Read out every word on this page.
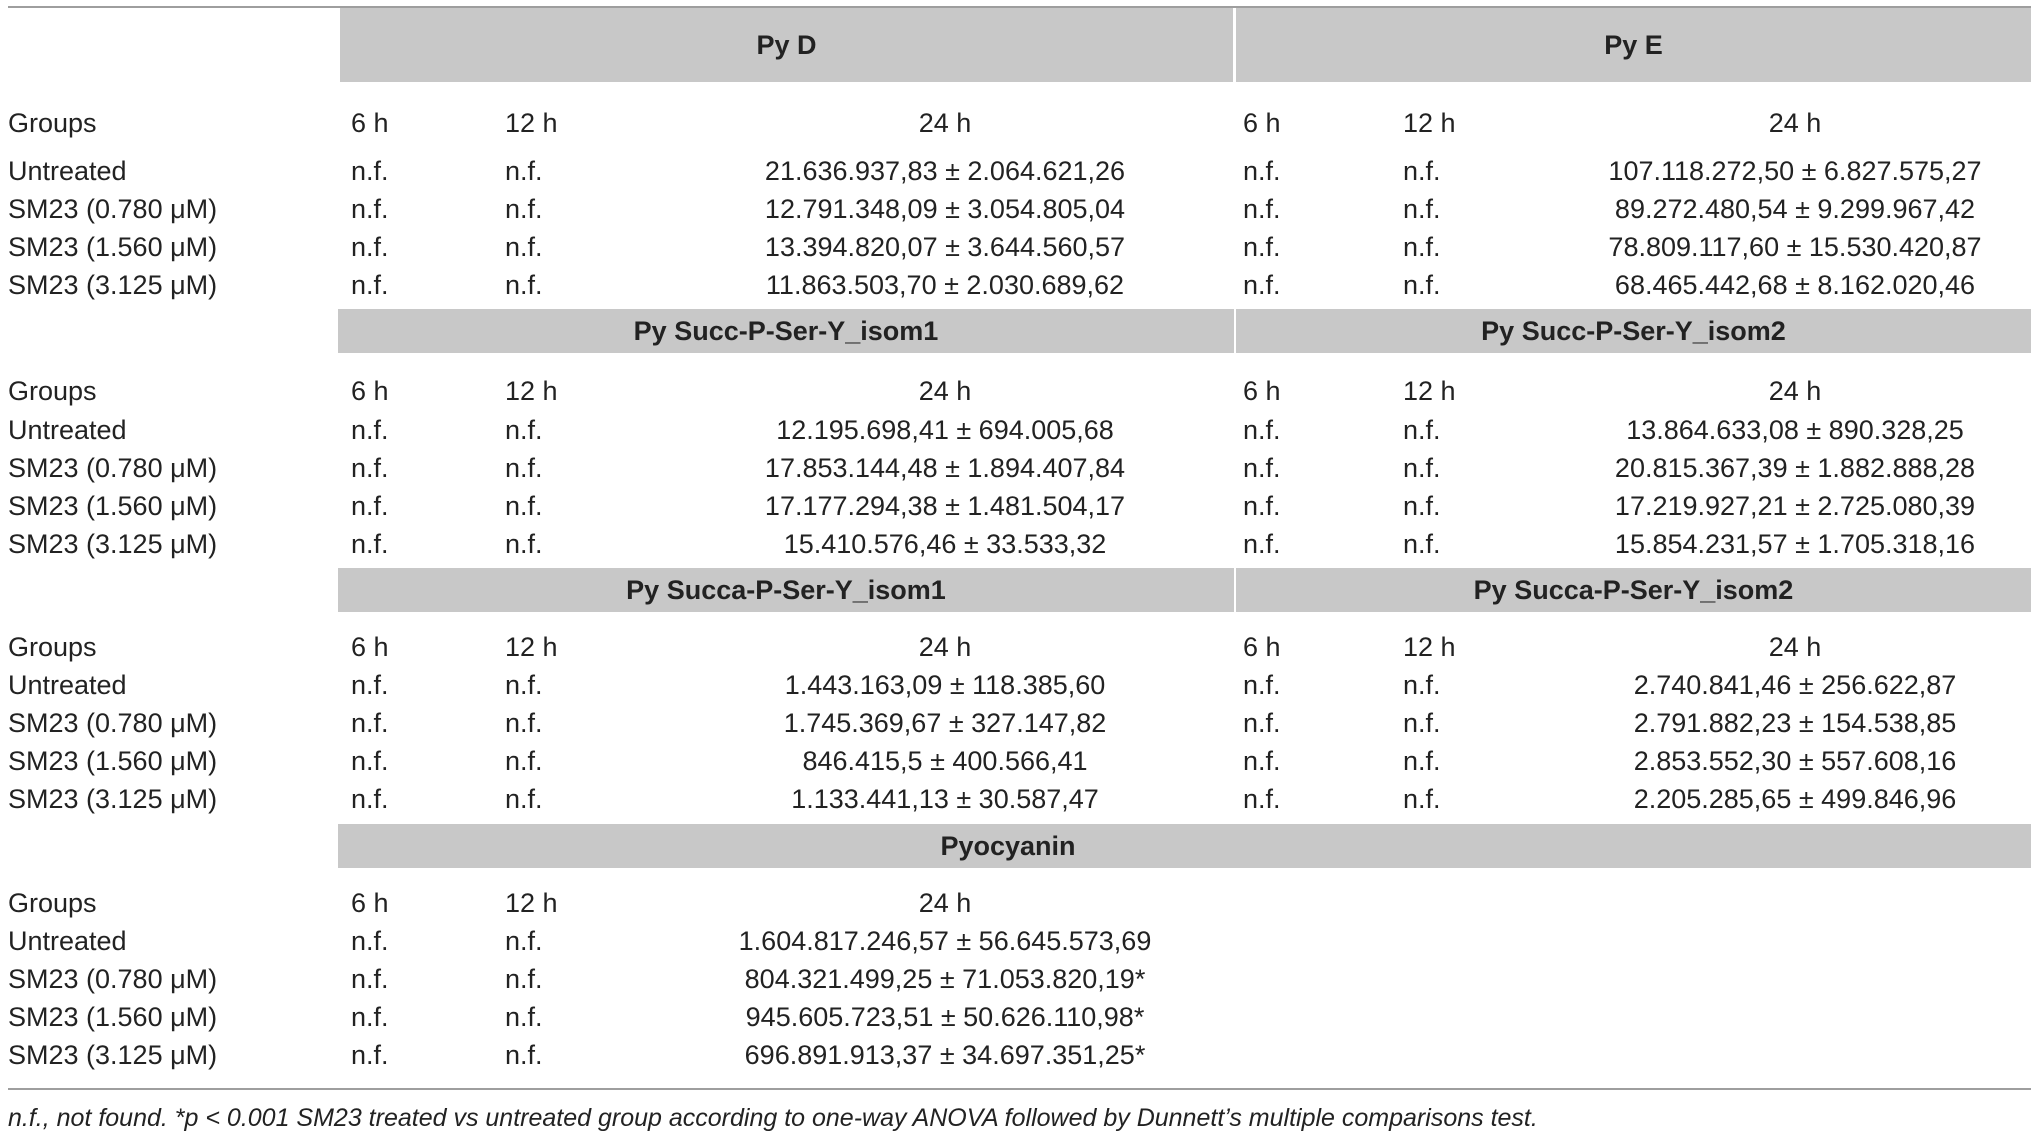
Py D	Py E
Py Succ-P-Ser-Y_isom1	Py Succ-P-Ser-Y_isom2
Py Succa-P-Ser-Y_isom1	Py Succa-P-Ser-Y_isom2
Pyocyanin
Groups	6 h	12 h	24 h	6 h	12 h	24 h
Untreated	n.f.	n.f.	21.636.937,83 ± 2.064.621,26	n.f.	n.f.	107.118.272,50 ± 6.827.575,27
SM23 (0.780 μM)	n.f.	n.f.	12.791.348,09 ± 3.054.805,04	n.f.	n.f.	89.272.480,54 ± 9.299.967,42
SM23 (1.560 μM)	n.f.	n.f.	13.394.820,07 ± 3.644.560,57	n.f.	n.f.	78.809.117,60 ± 15.530.420,87
SM23 (3.125 μM)	n.f.	n.f.	11.863.503,70 ± 2.030.689,62	n.f.	n.f.	68.465.442,68 ± 8.162.020,46
Groups	6 h	12 h	24 h	6 h	12 h	24 h
Untreated	n.f.	n.f.	12.195.698,41 ± 694.005,68	n.f.	n.f.	13.864.633,08 ± 890.328,25
SM23 (0.780 μM)	n.f.	n.f.	17.853.144,48 ± 1.894.407,84	n.f.	n.f.	20.815.367,39 ± 1.882.888,28
SM23 (1.560 μM)	n.f.	n.f.	17.177.294,38 ± 1.481.504,17	n.f.	n.f.	17.219.927,21 ± 2.725.080,39
SM23 (3.125 μM)	n.f.	n.f.	15.410.576,46 ± 33.533,32	n.f.	n.f.	15.854.231,57 ± 1.705.318,16
Groups	6 h	12 h	24 h	6 h	12 h	24 h
Untreated	n.f.	n.f.	1.443.163,09 ± 118.385,60	n.f.	n.f.	2.740.841,46 ± 256.622,87
SM23 (0.780 μM)	n.f.	n.f.	1.745.369,67 ± 327.147,82	n.f.	n.f.	2.791.882,23 ± 154.538,85
SM23 (1.560 μM)	n.f.	n.f.	846.415,5 ± 400.566,41	n.f.	n.f.	2.853.552,30 ± 557.608,16
SM23 (3.125 μM)	n.f.	n.f.	1.133.441,13 ± 30.587,47	n.f.	n.f.	2.205.285,65 ± 499.846,96
Groups	6 h	12 h	24 h
Untreated	n.f.	n.f.	1.604.817.246,57 ± 56.645.573,69
SM23 (0.780 μM)	n.f.	n.f.	804.321.499,25 ± 71.053.820,19*
SM23 (1.560 μM)	n.f.	n.f.	945.605.723,51 ± 50.626.110,98*
SM23 (3.125 μM)	n.f.	n.f.	696.891.913,37 ± 34.697.351,25*
n.f., not found. *p < 0.001 SM23 treated vs untreated group according to one-way ANOVA followed by Dunnett’s multiple comparisons test.
